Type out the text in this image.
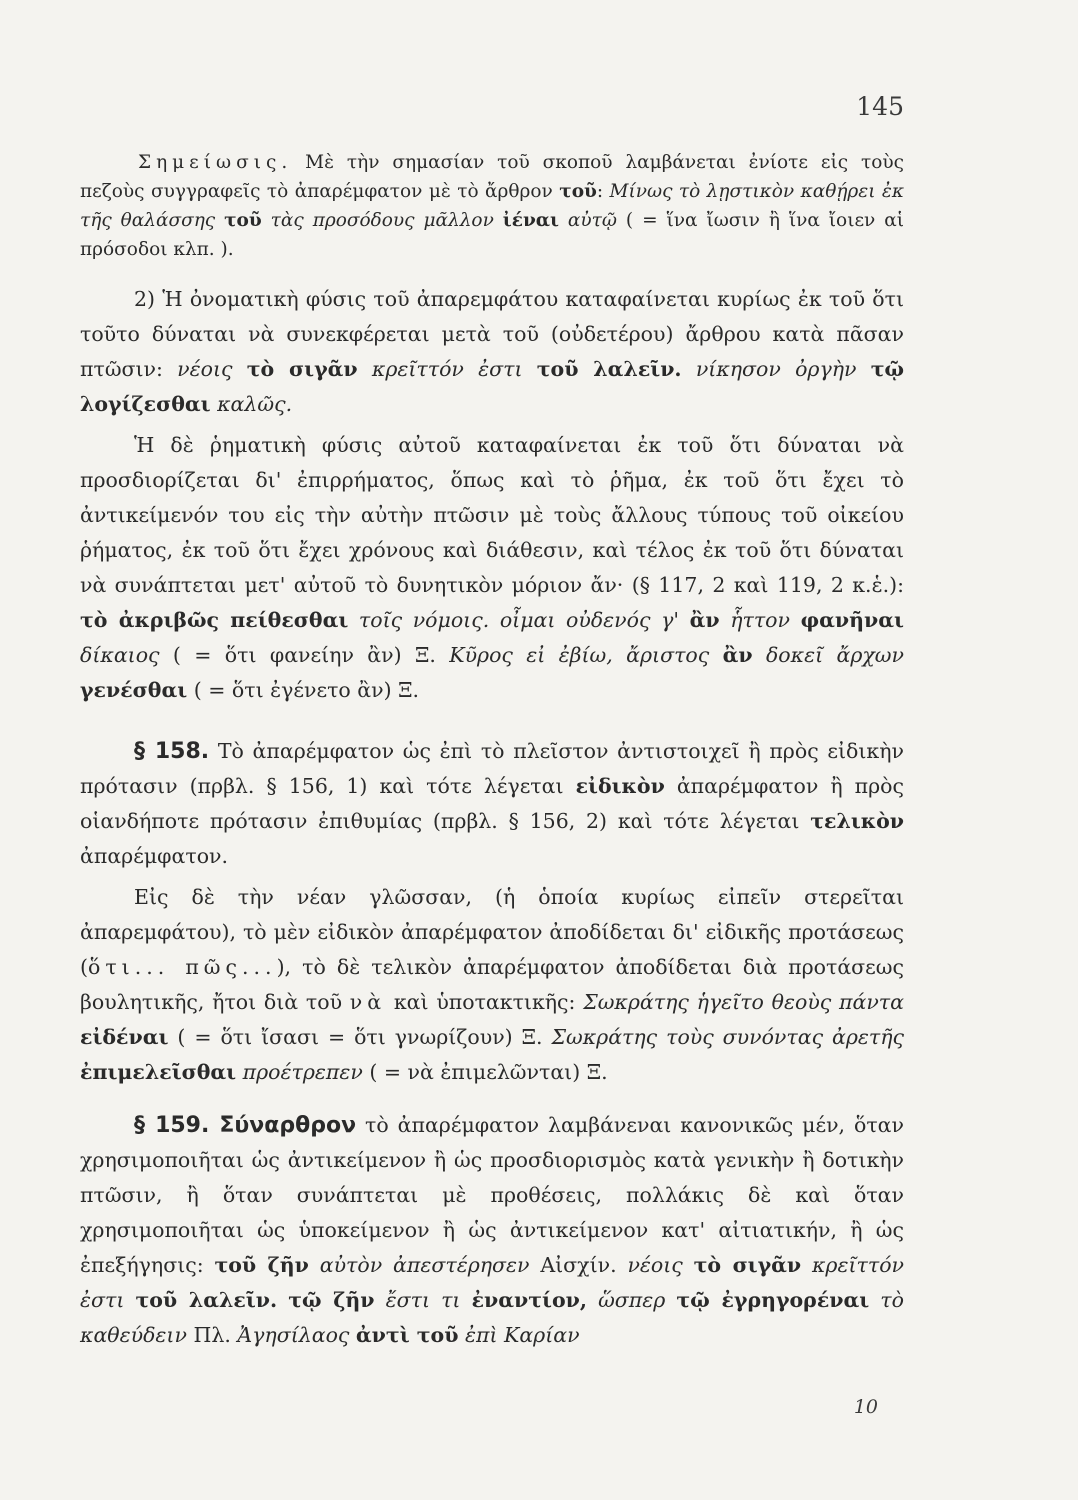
145

Σημείωσις. Μὲ τὴν σημασίαν τοῦ σκοποῦ λαμβάνεται ἐνίοτε εἰς τοὺς πεζοὺς συγγραφεῖς τὸ ἀπαρέμφατον μὲ τὸ ἄρθρον τοῦ: Μίνως τὸ λῃστικὸν καθῄρει ἐκ τῆς θαλάσσης τοῦ τὰς προσόδους μᾶλλον ἰέναι αὐτῷ ( = ἵνα ἴωσιν ἢ ἵνα ἴοιεν αἱ πρόσοδοι κλπ. ).

2) Ἡ ὀνοματικὴ φύσις τοῦ ἀπαρεμφάτου καταφαίνεται κυρίως ἐκ τοῦ ὅτι τοῦτο δύναται νὰ συνεκφέρεται μετὰ τοῦ (οὐδετέρου) ἄρθρου κατὰ πᾶσαν πτῶσιν: νέοις τὸ σιγᾶν κρεῖττόν ἐστι τοῦ λαλεῖν. νίκησον ὀργὴν τῷ λογίζεσθαι καλῶς.

Ἡ δὲ ῥηματικὴ φύσις αὐτοῦ καταφαίνεται ἐκ τοῦ ὅτι δύναται νὰ προσδιορίζεται δι' ἐπιρρήματος, ὅπως καὶ τὸ ῥῆμα, ἐκ τοῦ ὅτι ἔχει τὸ ἀντικείμενόν του εἰς τὴν αὐτὴν πτῶσιν μὲ τοὺς ἄλλους τύπους τοῦ οἰκείου ῥήματος, ἐκ τοῦ ὅτι ἔχει χρόνους καὶ διάθεσιν, καὶ τέλος ἐκ τοῦ ὅτι δύναται νὰ συνάπτεται μετ' αὐτοῦ τὸ δυνητικὸν μόριον ἄν· (§ 117, 2 καὶ 119, 2 κ.ἑ.): τὸ ἀκριβῶς πείθεσθαι τοῖς νόμοις. οἶμαι οὐδενός γ' ἂν ἧττον φανῆναι δίκαιος ( = ὅτι φανείην ἂν) Ξ. Κῦρος εἰ ἐβίω, ἄριστος ἂν δοκεῖ ἄρχων γενέσθαι ( = ὅτι ἐγένετο ἂν) Ξ.

§ 158. Τὸ ἀπαρέμφατον ὡς ἐπὶ τὸ πλεῖστον ἀντιστοιχεῖ ἢ πρὸς εἰδικὴν πρότασιν (πρβλ. § 156, 1) καὶ τότε λέγεται εἰδικὸν ἀπαρέμφατον ἢ πρὸς οἱανδήποτε πρότασιν ἐπιθυμίας (πρβλ. § 156, 2) καὶ τότε λέγεται τελικὸν ἀπαρέμφατον.

Εἰς δὲ τὴν νέαν γλῶσσαν, (ἡ ὁποία κυρίως εἰπεῖν στερεῖται ἀπαρεμφάτου), τὸ μὲν εἰδικὸν ἀπαρέμφατον ἀποδίδεται δι' εἰδικῆς προτάσεως (ὅτι... πῶς...), τὸ δὲ τελικὸν ἀπαρέμφατον ἀποδίδεται διὰ προτάσεως βουλητικῆς, ἤτοι διὰ τοῦ νὰ καὶ ὑποτακτικῆς: Σωκράτης ἡγεῖτο θεοὺς πάντα εἰδέναι ( = ὅτι ἴσασι = ὅτι γνωρίζουν) Ξ. Σωκράτης τοὺς συνόντας ἀρετῆς ἐπιμελεῖσθαι προέτρεπεν ( = νὰ ἐπιμελῶνται) Ξ.

§ 159. Σύναρθρον τὸ ἀπαρέμφατον λαμβάνεναι κανονικῶς μέν, ὅταν χρησιμοποιῆται ὡς ἀντικείμενον ἢ ὡς προσδιορισμὸς κατὰ γενικὴν ἢ δοτικὴν πτῶσιν, ἢ ὅταν συνάπτεται μὲ προθέσεις, πολλάκις δὲ καὶ ὅταν χρησιμοποιῆται ὡς ὑποκείμενον ἢ ὡς ἀντικείμενον κατ' αἰτιατικήν, ἢ ὡς ἐπεξήγησις: τοῦ ζῆν αὐτὸν ἀπεστέρησεν Αἰσχίν. νέοις τὸ σιγᾶν κρεῖττόν ἐστι τοῦ λαλεῖν. τῷ ζῆν ἔστι τι ἐναντίον, ὥσπερ τῷ ἐγρηγορέναι τὸ καθεύδειν Πλ. Ἀγησίλαος ἀντὶ τοῦ ἐπὶ Καρίαν

10
